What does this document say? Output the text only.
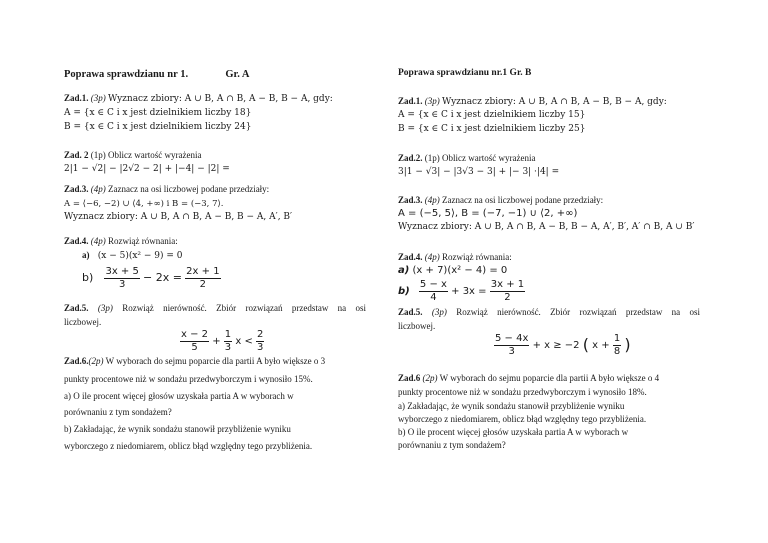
Poprawa sprawdzianu nr 1.	Gr. A
Zad.1. (3p) Wyznacz zbiory: A ∪ B, A ∩ B, A − B, B − A, gdy:
A = {x ∈ C i x jest dzielnikiem liczby 18}
B = {x ∈ C i x jest dzielnikiem liczby 24}
Zad. 2 (1p) Oblicz wartość wyrażenia
2|1 − √2| − |2√2 − 2| + |−4| − |2| =
Zad.3. (4p) Zaznacz na osi liczbowej podane przedziały:
A = ⟨−6, −2) ∪ ⟨4, +∞) i B = (−3, 7⟩.
Wyznacz zbiory: A ∪ B, A ∩ B, A − B, B − A, A′, B′
Zad.4. (4p) Rozwiąż równania:
a) (x − 5)(x² − 9) = 0
$b) \frac{3x + 5}{3} - 2x = \frac{2x + 1}{2}$
Zad.5. (3p) Rozwiąż nierówność. Zbiór rozwiązań przedstaw na osi
liczbowej.
$\frac{x - 2}{5} + \frac{1}{3}$ $x < \frac{2}{3}$
Zad.6.(2p) W wyborach do sejmu poparcie dla partii A było większe o 3
punkty procentowe niż w sondażu przedwyborczym i wynosiło 15%.
a) O ile procent więcej głosów uzyskała partia A w wyborach w
porównaniu z tym sondażem?
b) Zakładając, że wynik sondażu stanowił przybliżenie wyniku
wyborczego z niedomiarem, oblicz błąd względny tego przybliżenia.
Poprawa sprawdzianu nr.1 Gr. B
Zad.1. (3p) Wyznacz zbiory: A ∪ B, A ∩ B, A − B, B − A, gdy:
A = {x ∈ C i x jest dzielnikiem liczby 15}
B = {x ∈ C i x jest dzielnikiem liczby 25}
Zad.2. (1p) Oblicz wartość wyrażenia
3|1 − √3| − |3√3 − 3| + |− 3| ·|4| =
Zad.3. (4p) Zaznacz na osi liczbowej podane przedziały:
A = (−5, 5⟩, B = (−7, −1) ∪ ⟨2, +∞)
Wyznacz zbiory: A ∪ B, A ∩ B, A − B, B − A, A′, B′, A′ ∩ B, A ∪ B′
Zad.4. (4p) Rozwiąż równania:
a) (x + 7)(x² − 4) = 0
$b) \frac{5 - x}{4} + 3x = \frac{3x + 1}{2}$
Zad.5. (3p) Rozwiąż nierówność. Zbiór rozwiązań przedstaw na osi
liczbowej.
$\frac{5 - 4x}{3} + x \ge -2$ ( $x + \frac{1}{8}$ )
Zad.6 (2p) W wyborach do sejmu poparcie dla partii A było większe o 4
punkty procentowe niż w sondażu przedwyborczym i wynosiło 18%.
a) Zakładając, że wynik sondażu stanowił przybliżenie wyniku
wyborczego z niedomiarem, oblicz błąd względny tego przybliżenia.
b) O ile procent więcej głosów uzyskała partia A w wyborach w
porównaniu z tym sondażem?
